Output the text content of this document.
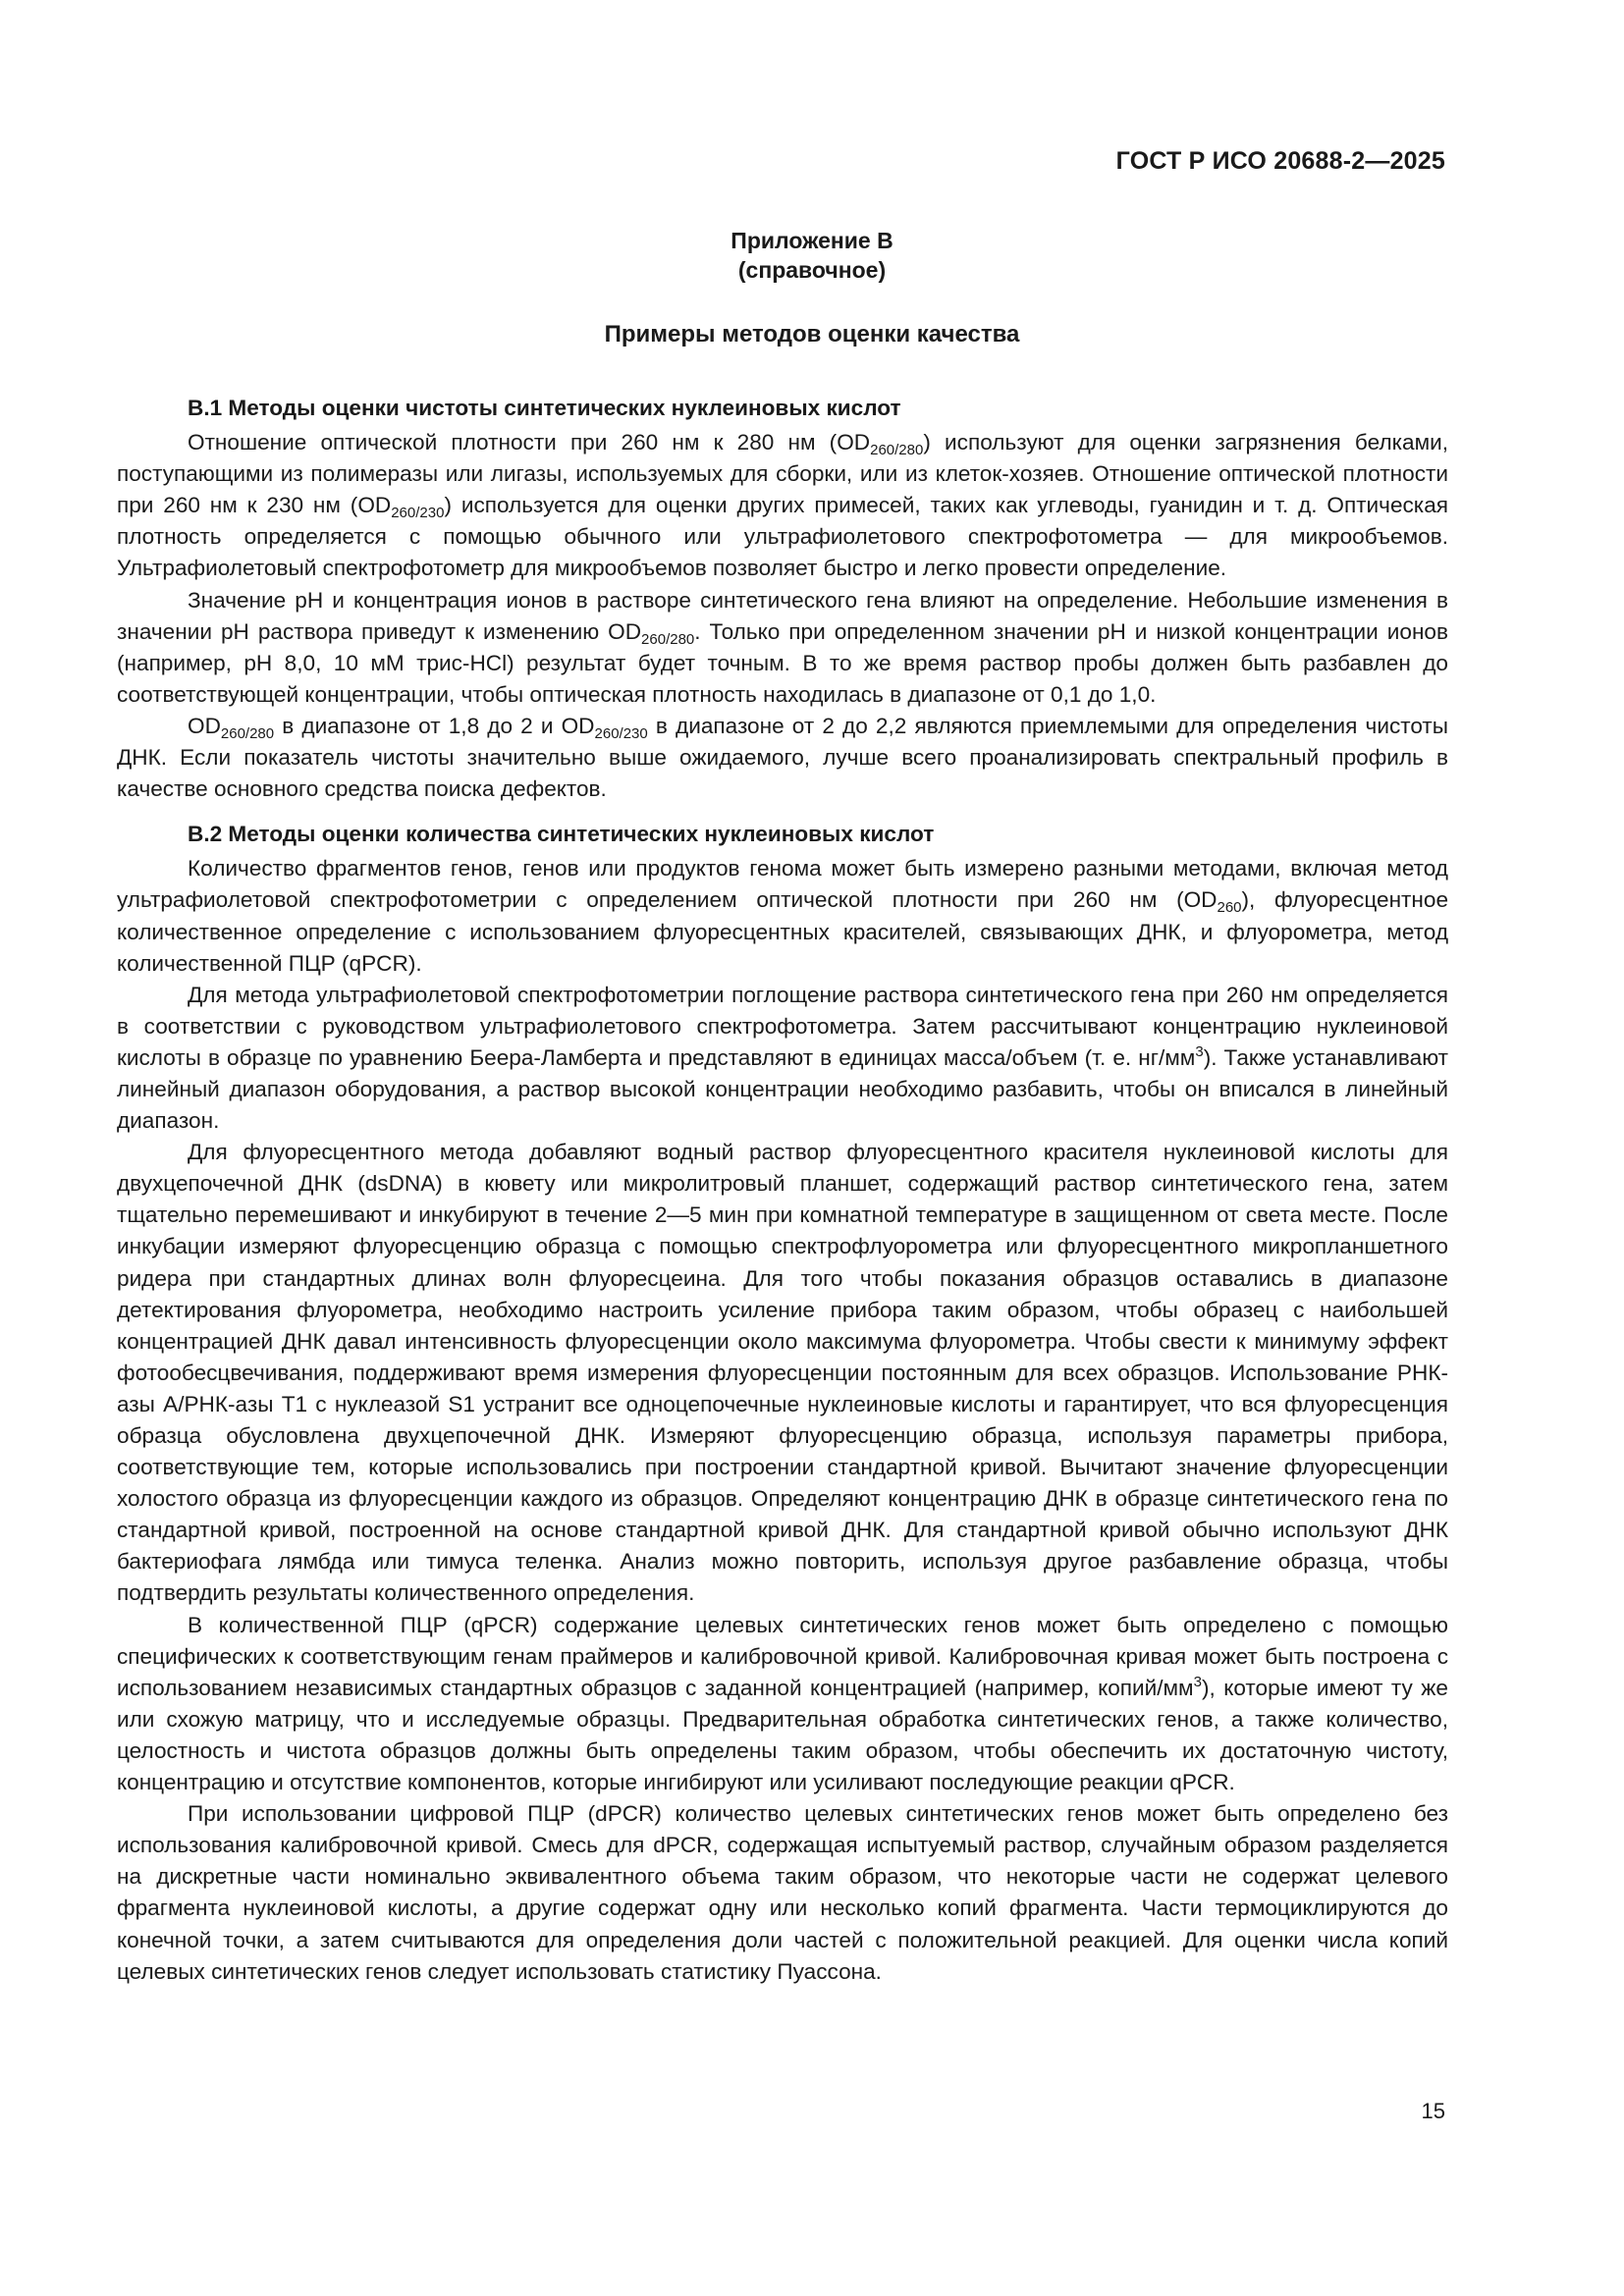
ГОСТ Р ИСО 20688-2—2025
Приложение В
(справочное)
Примеры методов оценки качества
В.1 Методы оценки чистоты синтетических нуклеиновых кислот

Отношение оптической плотности при 260 нм к 280 нм $(OD_{260/280})$ используют для оценки загрязнения белками, поступающими из полимеразы или лигазы, используемых для сборки, или из клеток-хозяев. Отношение оптической плотности при 260 нм к 230 нм $(OD_{260/230})$ используется для оценки других примесей, таких как углеводы, гуанидин и т. д. Оптическая плотность определяется с помощью обычного или ультрафиолетового спектрофотометра — для микрообъемов. Ультрафиолетовый спектрофотометр для микрообъемов позволяет быстро и легко провести определение.

Значение рН и концентрация ионов в растворе синтетического гена влияют на определение. Небольшие изменения в значении рН раствора приведут к изменению $OD_{260/280}$. Только при определенном значении рН и низкой концентрации ионов (например, рН 8,0, 10 мМ трис-HCl) результат будет точным. В то же время раствор пробы должен быть разбавлен до соответствующей концентрации, чтобы оптическая плотность находилась в диапазоне от 0,1 до 1,0.

$OD_{260/280}$ в диапазоне от 1,8 до 2 и $OD_{260/230}$ в диапазоне от 2 до 2,2 являются приемлемыми для определения чистоты ДНК. Если показатель чистоты значительно выше ожидаемого, лучше всего проанализировать спектральный профиль в качестве основного средства поиска дефектов.

В.2 Методы оценки количества синтетических нуклеиновых кислот

Количество фрагментов генов, генов или продуктов генома может быть измерено разными методами, включая метод ультрафиолетовой спектрофотометрии с определением оптической плотности при 260 нм $(OD_{260})$, флуоресцентное количественное определение с использованием флуоресцентных красителей, связывающих ДНК, и флуорометра, метод количественной ПЦР (qPCR).

Для метода ультрафиолетовой спектрофотометрии поглощение раствора синтетического гена при 260 нм определяется в соответствии с руководством ультрафиолетового спектрофотометра. Затем рассчитывают концентрацию нуклеиновой кислоты в образце по уравнению Беера-Ламберта и представляют в единицах масса/объем (т. е. $нг/мм^3$). Также устанавливают линейный диапазон оборудования, а раствор высокой концентрации необходимо разбавить, чтобы он вписался в линейный диапазон.

Для флуоресцентного метода добавляют водный раствор флуоресцентного красителя нуклеиновой кислоты для двухцепочечной ДНК (dsDNA) в кювету или микролитровый планшет, содержащий раствор синтетического гена, затем тщательно перемешивают и инкубируют в течение 2—5 мин при комнатной температуре в защищенном от света месте. После инкубации измеряют флуоресценцию образца с помощью спектрофлуорометра или флуоресцентного микропланшетного ридера при стандартных длинах волн флуоресцеина. Для того чтобы показания образцов оставались в диапазоне детектирования флуорометра, необходимо настроить усиление прибора таким образом, чтобы образец с наибольшей концентрацией ДНК давал интенсивность флуоресценции около максимума флуорометра. Чтобы свести к минимуму эффект фотообесцвечивания, поддерживают время измерения флуоресценции постоянным для всех образцов. Использование РНК-азы A/РНК-азы T1 с нуклеазой S1 устранит все одноцепочечные нуклеиновые кислоты и гарантирует, что вся флуоресценция образца обусловлена двухцепочечной ДНК. Измеряют флуоресценцию образца, используя параметры прибора, соответствующие тем, которые использовались при построении стандартной кривой. Вычитают значение флуоресценции холостого образца из флуоресценции каждого из образцов. Определяют концентрацию ДНК в образце синтетического гена по стандартной кривой, построенной на основе стандартной кривой ДНК. Для стандартной кривой обычно используют ДНК бактериофага лямбда или тимуса теленка. Анализ можно повторить, используя другое разбавление образца, чтобы подтвердить результаты количественного определения.

В количественной ПЦР (qPCR) содержание целевых синтетических генов может быть определено с помощью специфических к соответствующим генам праймеров и калибровочной кривой. Калибровочная кривая может быть построена с использованием независимых стандартных образцов с заданной концентрацией (например, копий/$мм^3$), которые имеют ту же или схожую матрицу, что и исследуемые образцы. Предварительная обработка синтетических генов, а также количество, целостность и чистота образцов должны быть определены таким образом, чтобы обеспечить их достаточную чистоту, концентрацию и отсутствие компонентов, которые ингибируют или усиливают последующие реакции qPCR.

При использовании цифровой ПЦР (dPCR) количество целевых синтетических генов может быть определено без использования калибровочной кривой. Смесь для dPCR, содержащая испытуемый раствор, случайным образом разделяется на дискретные части номинально эквивалентного объема таким образом, что некоторые части не содержат целевого фрагмента нуклеиновой кислоты, а другие содержат одну или несколько копий фрагмента. Части термоциклируются до конечной точки, а затем считываются для определения доли частей с положительной реакцией. Для оценки числа копий целевых синтетических генов следует использовать статистику Пуассона.

15
